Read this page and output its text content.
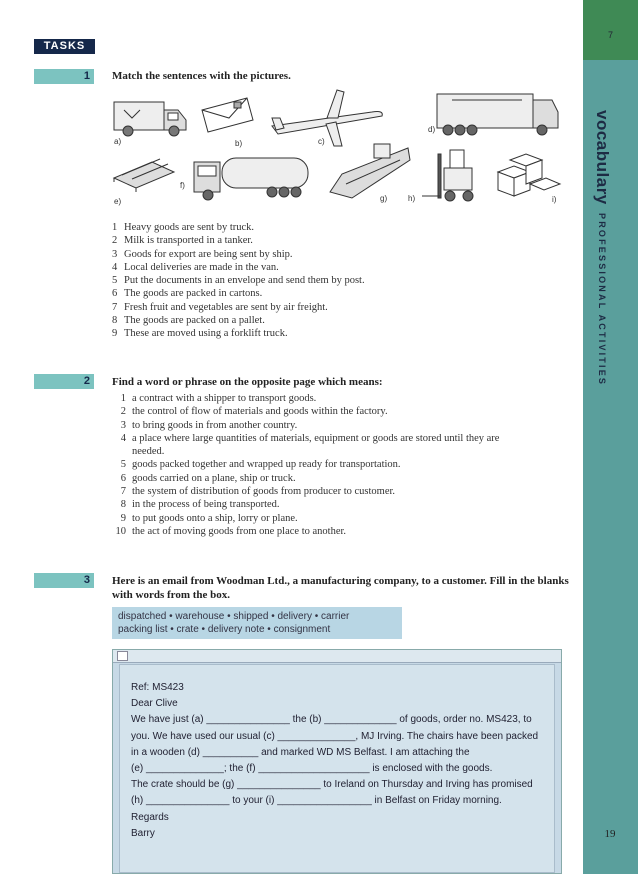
7
vocabularyPROFESSIONAL ACTIVITIES
19
TASKS
1 Match the sentences with the pictures.
a)	b)	c)
d)
e)
f)
g)	h)	i)
1 Heavy goods are sent by truck.
2 Milk is transported in a tanker.
3 Goods for export are being sent by ship.
4 Local deliveries are made in the van.
5 Put the documents in an envelope and send them by post.
6 The goods are packed in cartons.
7 Fresh fruit and vegetables are sent by air freight.
8 The goods are packed on a pallet.
9 These are moved using a forklift truck.
2 Find a word or phrase on the opposite page which means:
1 a contract with a shipper to transport goods.
2 the control of flow of materials and goods within the factory.
3 to bring goods in from another country.
4 a place where large quantities of materials, equipment or goods are stored until they are
needed.
5 goods packed together and wrapped up ready for transportation.
6 goods carried on a plane, ship or truck.
7 the system of distribution of goods from producer to customer.
8 in the process of being transported.
9 to put goods onto a ship, lorry or plane.
10 the act of moving goods from one place to another.
3 Here is an email from Woodman Ltd., a manufacturing company, to a customer. Fill in the blanks
with words from the box.
dispatched • warehouse • shipped • delivery • carrier
packing list • crate • delivery note • consignment
Ref: MS423
Dear Clive
We have just (a) _______________ the (b) _____________ of goods, order no. MS423, to
you. We have used our usual (c) ______________, MJ Irving. The chairs have been packed
in a wooden (d) __________ and marked WD MS Belfast. I am attaching the
(e) ______________; the (f) ____________________ is enclosed with the goods.
The crate should be (g) _______________ to Ireland on Thursday and Irving has promised
(h) _______________ to your (i) _________________ in Belfast on Friday morning.
Regards
Barry
